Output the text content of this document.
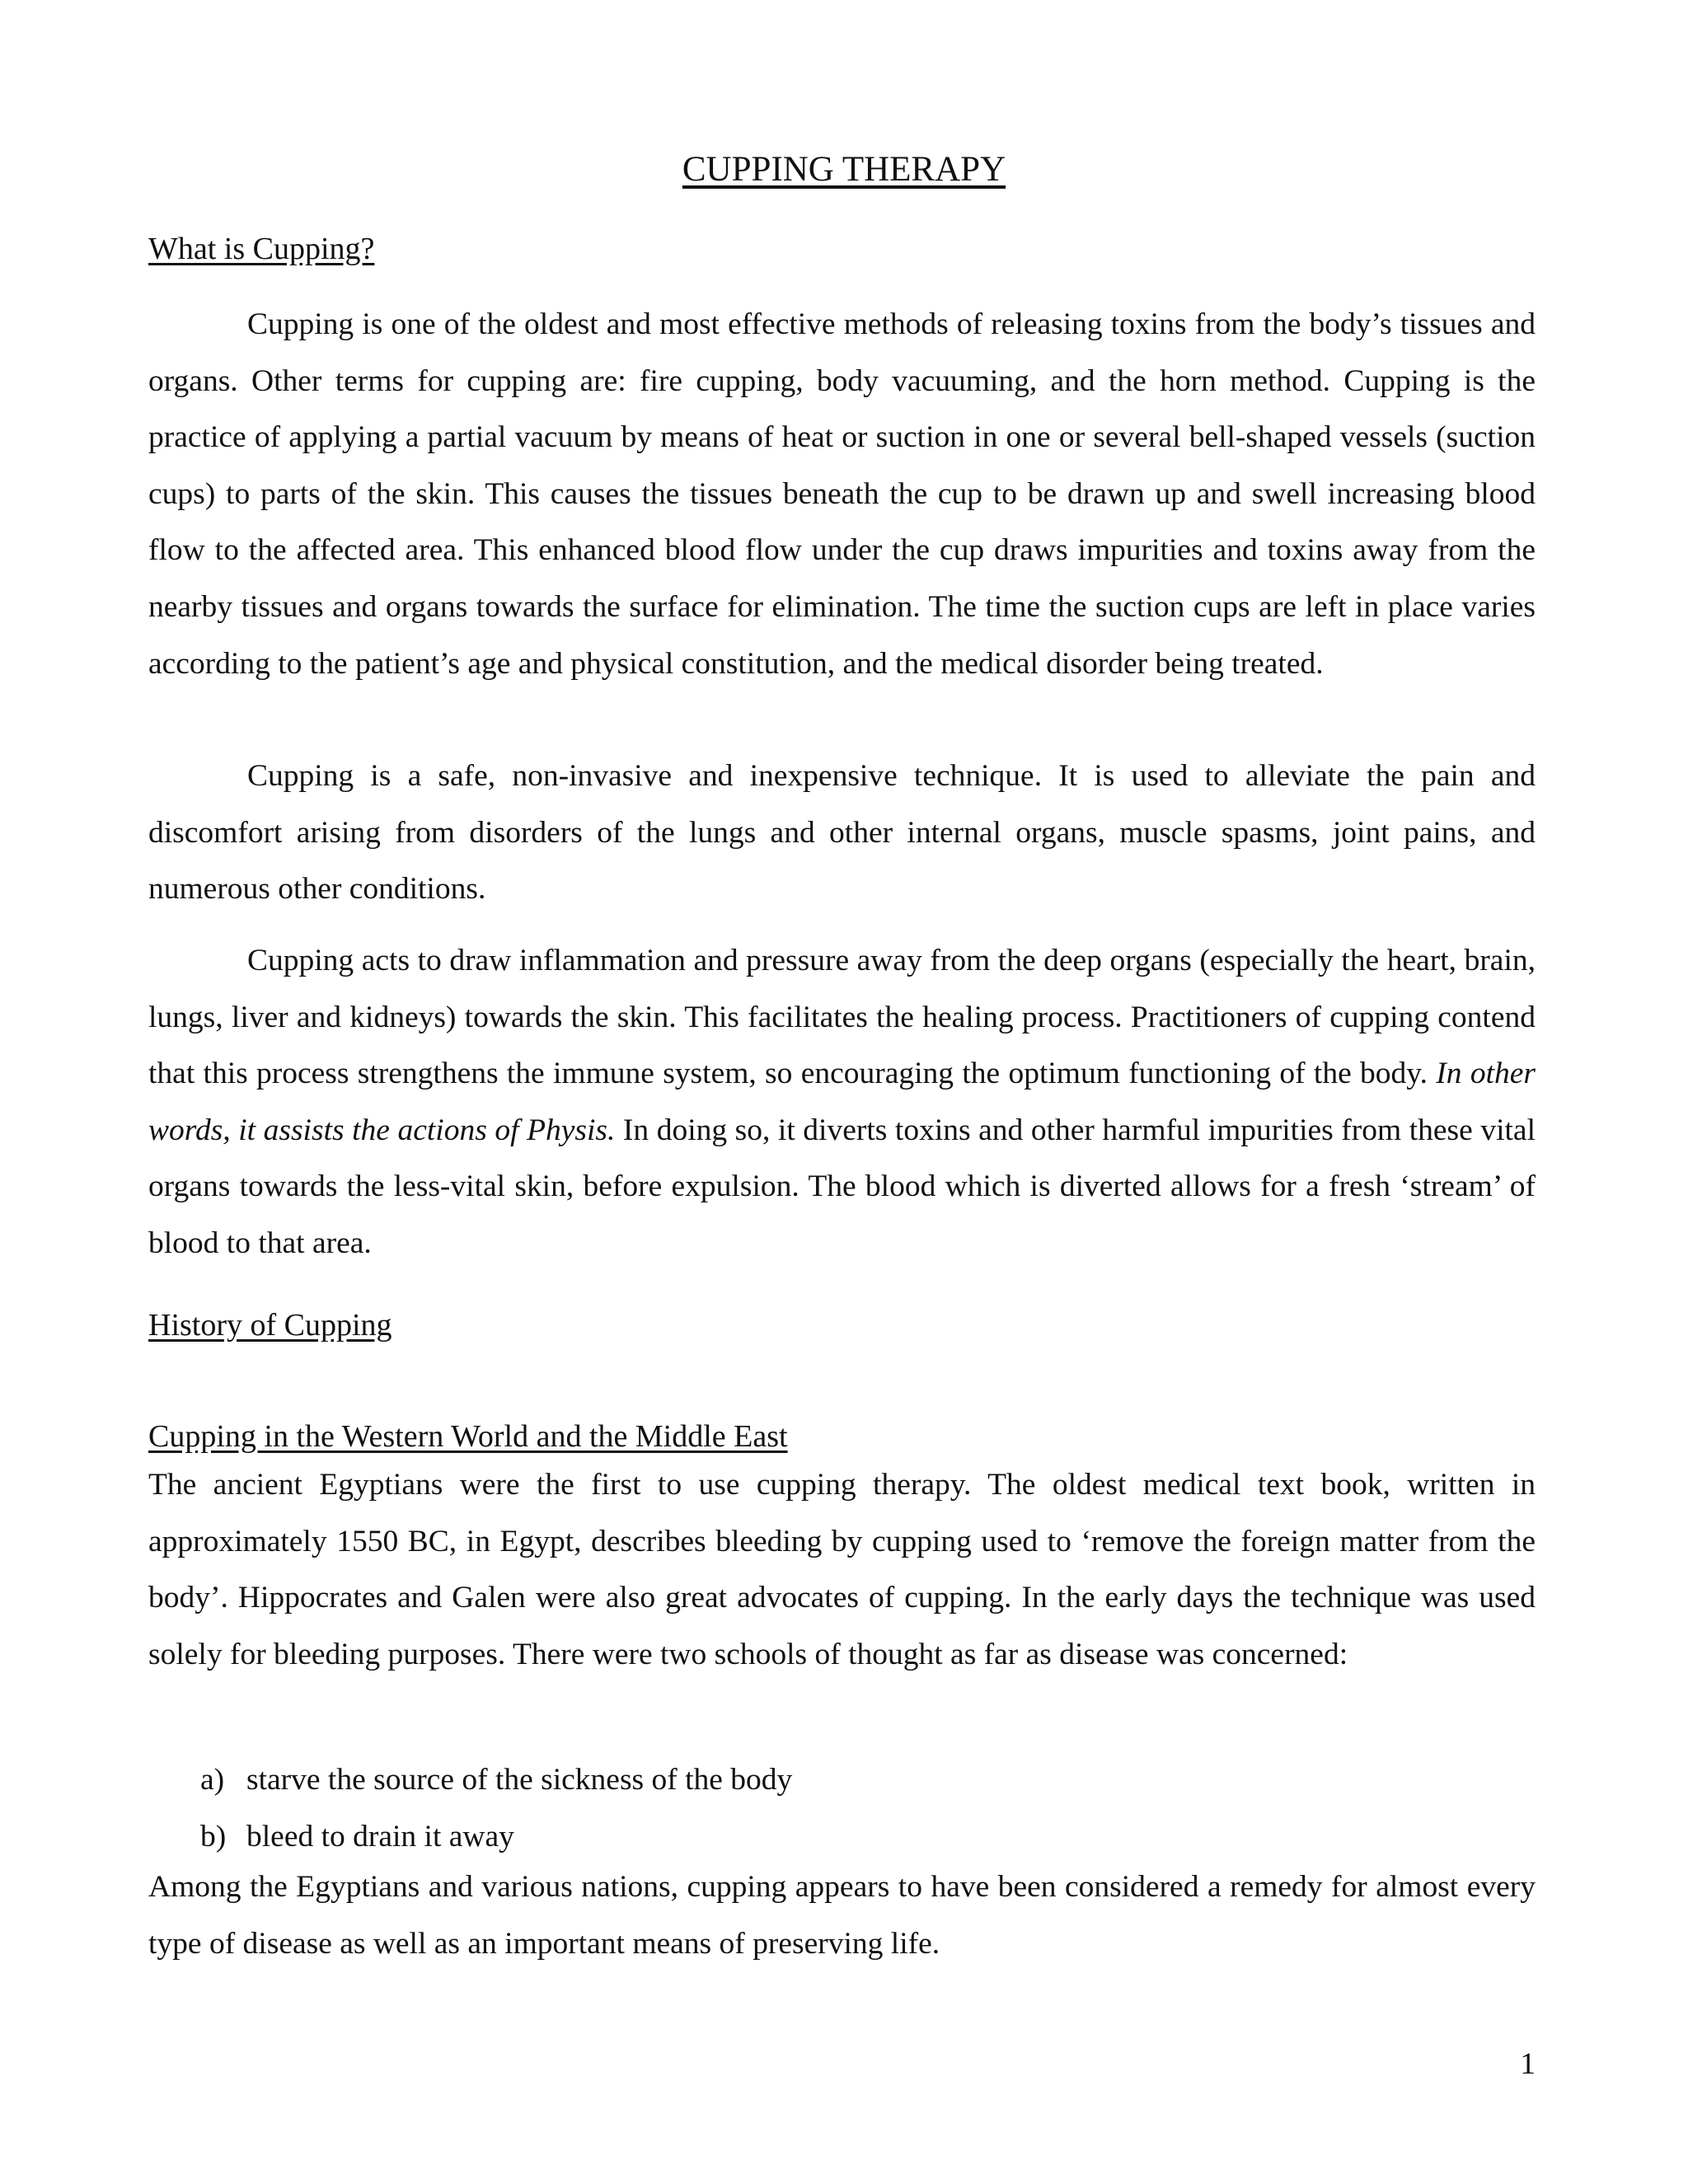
CUPPING THERAPY
What is Cupping?

Cupping is one of the oldest and most effective methods of releasing toxins from the body’s tissues and organs. Other terms for cupping are: fire cupping, body vacuuming, and the horn method. Cupping is the practice of applying a partial vacuum by means of heat or suction in one or several bell-shaped vessels (suction cups) to parts of the skin. This causes the tissues beneath the cup to be drawn up and swell increasing blood flow to the affected area. This enhanced blood flow under the cup draws impurities and toxins away from the nearby tissues and organs towards the surface for elimination. The time the suction cups are left in place varies according to the patient’s age and physical constitution, and the medical disorder being treated.

Cupping is a safe, non-invasive and inexpensive technique. It is used to alleviate the pain and discomfort arising from disorders of the lungs and other internal organs, muscle spasms, joint pains, and numerous other conditions.

Cupping acts to draw inflammation and pressure away from the deep organs (especially the heart, brain, lungs, liver and kidneys) towards the skin. This facilitates the healing process. Practitioners of cupping contend that this process strengthens the immune system, so encouraging the optimum functioning of the body. In other words, it assists the actions of Physis. In doing so, it diverts toxins and other harmful impurities from these vital organs towards the less-vital skin, before expulsion. The blood which is diverted allows for a fresh ‘stream’ of blood to that area.

History of Cupping
Cupping in the Western World and the Middle East

The ancient Egyptians were the first to use cupping therapy. The oldest medical text book, written in approximately 1550 BC, in Egypt, describes bleeding by cupping used to ‘remove the foreign matter from the body’. Hippocrates and Galen were also great advocates of cupping. In the early days the technique was used solely for bleeding purposes. There were two schools of thought as far as disease was concerned:

a) starve the source of the sickness of the body
b) bleed to drain it away

Among the Egyptians and various nations, cupping appears to have been considered a remedy for almost every type of disease as well as an important means of preserving life.

1
